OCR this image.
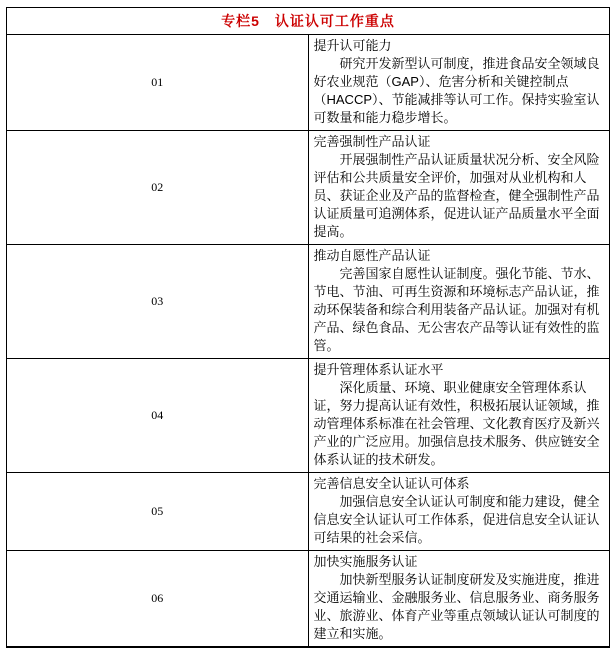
专栏5　认证认可工作重点	
01	提升认可能力

研究开发新型认可制度，推进食品安全领域良好农业规范（GAP）、危害分析和关键控制点（HACCP）、节能减排等认可工作。保持实验室认可数量和能力稳步增长。

02	完善强制性产品认证

开展强制性产品认证质量状况分析、安全风险评估和公共质量安全评价，加强对从业机构和人员、获证企业及产品的监督检查，健全强制性产品认证质量可追溯体系，促进认证产品质量水平全面提高。

03	推动自愿性产品认证

完善国家自愿性认证制度。强化节能、节水、节电、节油、可再生资源和环境标志产品认证，推动环保装备和综合利用装备产品认证。加强对有机产品、绿色食品、无公害农产品等认证有效性的监管。

04	提升管理体系认证水平

深化质量、环境、职业健康安全管理体系认证，努力提高认证有效性，积极拓展认证领域，推动管理体系标准在社会管理、文化教育医疗及新兴产业的广泛应用。加强信息技术服务、供应链安全体系认证的技术研发。

05	完善信息安全认证认可体系

加强信息安全认证认可制度和能力建设，健全信息安全认证认可工作体系，促进信息安全认证认可结果的社会采信。

06	加快实施服务认证

加快新型服务认证制度研发及实施进度，推进交通运输业、金融服务业、信息服务业、商务服务业、旅游业、体育产业等重点领域认证认可制度的建立和实施。
